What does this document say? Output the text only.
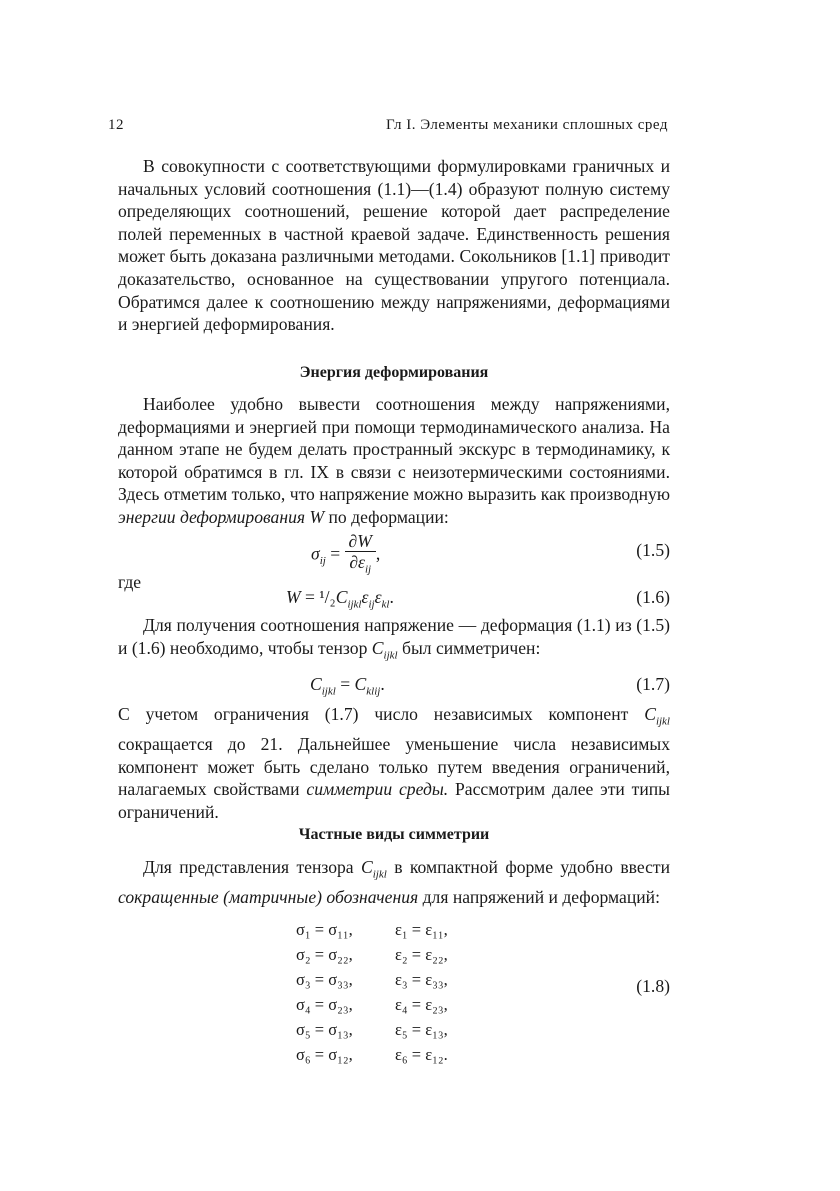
12	Гл I. Элементы механики сплошных сред

В совокупности с соответствующими формулировками граничных и начальных условий соотношения (1.1)—(1.4) образуют полную систему определяющих соотношений, решение которой дает распределение полей переменных в частной краевой задаче. Единственность решения может быть доказана различными методами. Сокольников [1.1] приводит доказательство, основанное на существовании упругого потенциала. Обратимся далее к соотношению между напряжениями, деформациями и энергией деформирования.

Энергия деформирования

Наиболее удобно вывести соотношения между напряжениями, деформациями и энергией при помощи термодинамического анализа. На данном этапе не будем делать пространный экскурс в термодинамику, к которой обратимся в гл. IX в связи с неизотермическими состояниями. Здесь отметим только, что напряжение можно выразить как производную энергии деформирования W по деформации:

$\sigma_{ij} = \frac{\partial W}{\partial\varepsilon_{ij}}$ ,	(1.5)
где
$W = ^1/_2C_{ijkl}\varepsilon_{ij}\varepsilon_{kl}$.	(1.6)

Для получения соотношения напряжение — деформация (1.1) из (1.5) и (1.6) необходимо, чтобы тензор $C_{ijkl}$ был симметричен:

$C_{ijkl} = C_{klij}$.	(1.7)

С учетом ограничения (1.7) число независимых компонент $C_{ijkl}$ сокращается до 21. Дальнейшее уменьшение числа независимых компонент может быть сделано только путем введения ограничений, налагаемых свойствами симметрии среды. Рассмотрим далее эти типы ограничений.

Частные виды симметрии

Для представления тензора $C_{ijkl}$ в компактной форме удобно ввести сокращенные (матричные) обозначения для напряжений и деформаций:

σ₁ = σ₁₁,	ε₁ = ε₁₁,
σ₂ = σ₂₂,	ε₂ = ε₂₂,
σ₃ = σ₃₃,	ε₃ = ε₃₃,
σ₄ = σ₂₃,	ε₄ = ε₂₃,
σ₅ = σ₁₃,	ε₅ = ε₁₃,
σ₆ = σ₁₂,	ε₆ = ε₁₂.
(1.8)
